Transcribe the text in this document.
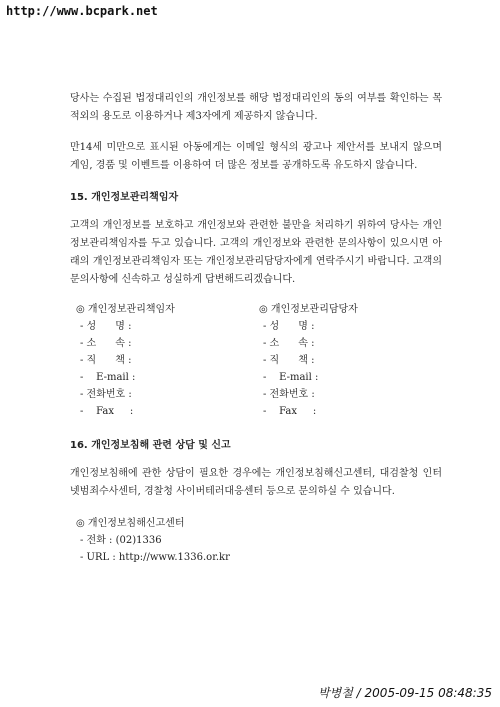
http://www.bcpark.net

당사는 수집된 법정대리인의 개인정보를 해당 법정대리인의 동의 여부를 확인하는 목적외의 용도로 이용하거나 제3자에게 제공하지 않습니다.

만14세 미만으로 표시된 아동에게는 이메일 형식의 광고나 제안서를 보내지 않으며 게임, 경품 및 이벤트를 이용하여 더 많은 정보를 공개하도록 유도하지 않습니다.

15. 개인정보관리책임자

고객의 개인정보를 보호하고 개인정보와 관련한 불만을 처리하기 위하여 당사는 개인정보관리책임자를 두고 있습니다. 고객의 개인정보와 관련한 문의사항이 있으시면 아래의 개인정보관리책임자 또는 개인정보관리담당자에게 연락주시기 바랍니다. 고객의 문의사항에 신속하고 성실하게 답변해드리겠습니다.

◎ 개인정보관리책임자
- 성      명 :
- 소      속 :
- 직      책 :
-    E-mail :
- 전화번호 :
-    Fax     :
◎ 개인정보관리담당자
- 성      명 :
- 소      속 :
- 직      책 :
-    E-mail :
- 전화번호 :
-    Fax     :
16. 개인정보침해 관련 상담 및 신고

개인정보침해에 관한 상담이 필요한 경우에는 개인정보침해신고센터, 대검찰청 인터넷범죄수사센터, 경찰청 사이버테러대응센터 등으로 문의하실 수 있습니다.

◎ 개인정보침해신고센터
- 전화 : (02)1336
- URL : http://www.1336.or.kr
박병철 / 2005-09-15 08:48:35
